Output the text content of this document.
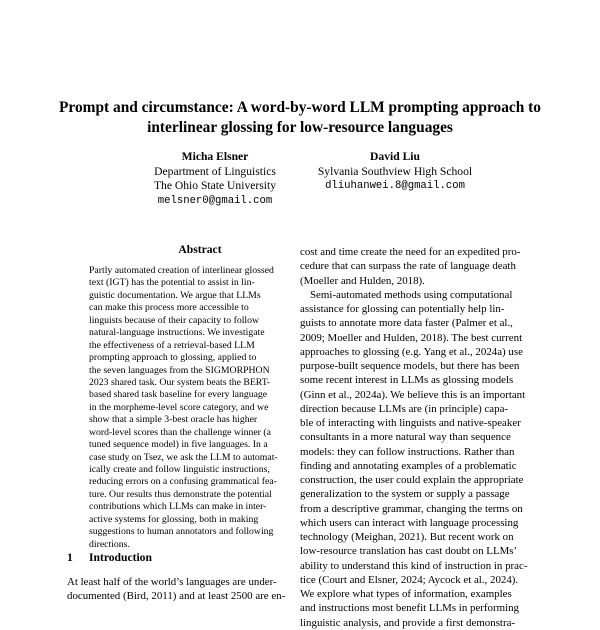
Prompt and circumstance: A word-by-word LLM prompting approach to
interlinear glossing for low-resource languages
Micha Elsner
Department of Linguistics
The Ohio State University
melsner0@gmail.com
David Liu
Sylvania Southview High School
dliuhanwei.8@gmail.com
Abstract
Partly automated creation of interlinear glossed
text (IGT) has the potential to assist in lin-
guistic documentation. We argue that LLMs
can make this process more accessible to
linguists because of their capacity to follow
natural-language instructions. We investigate
the effectiveness of a retrieval-based LLM
prompting approach to glossing, applied to
the seven languages from the SIGMORPHON
2023 shared task. Our system beats the BERT-
based shared task baseline for every language
in the morpheme-level score category, and we
show that a simple 3-best oracle has higher
word-level scores than the challenge winner (a
tuned sequence model) in five languages. In a
case study on Tsez, we ask the LLM to automat-
ically create and follow linguistic instructions,
reducing errors on a confusing grammatical fea-
ture. Our results thus demonstrate the potential
contributions which LLMs can make in inter-
active systems for glossing, both in making
suggestions to human annotators and following
directions.
1 Introduction
At least half of the world’s languages are under-
documented (Bird, 2011) and at least 2500 are en-
cost and time create the need for an expedited pro-
cedure that can surpass the rate of language death
(Moeller and Hulden, 2018).
Semi-automated methods using computational
assistance for glossing can potentially help lin-
guists to annotate more data faster (Palmer et al.,
2009; Moeller and Hulden, 2018). The best current
approaches to glossing (e.g. Yang et al., 2024a) use
purpose-built sequence models, but there has been
some recent interest in LLMs as glossing models
(Ginn et al., 2024a). We believe this is an important
direction because LLMs are (in principle) capa-
ble of interacting with linguists and native-speaker
consultants in a more natural way than sequence
models: they can follow instructions. Rather than
finding and annotating examples of a problematic
construction, the user could explain the appropriate
generalization to the system or supply a passage
from a descriptive grammar, changing the terms on
which users can interact with language processing
technology (Meighan, 2021). But recent work on
low-resource translation has cast doubt on LLMs’
ability to understand this kind of instruction in prac-
tice (Court and Elsner, 2024; Aycock et al., 2024).
We explore what types of information, examples
and instructions most benefit LLMs in performing
linguistic analysis, and provide a first demonstra-
